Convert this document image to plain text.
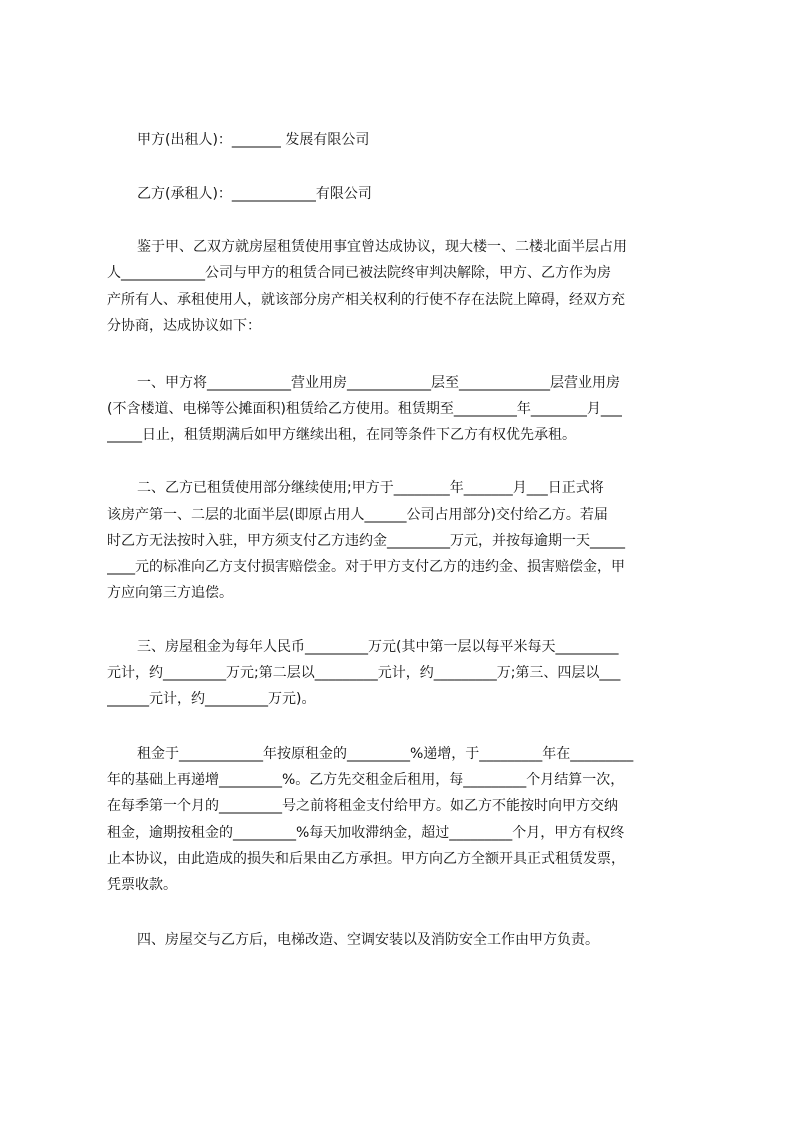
甲方(出租人)：_______ 发展有限公司
乙方(承租人)：____________有限公司
鉴于甲、乙双方就房屋租赁使用事宜曾达成协议，现大楼一、二楼北面半层占用
人____________公司与甲方的租赁合同已被法院终审判决解除，甲方、乙方作为房
产所有人、承租使用人，就该部分房产相关权利的行使不存在法院上障碍，经双方充
分协商，达成协议如下：
一、甲方将____________营业用房____________层至_____________层营业用房
(不含楼道、电梯等公摊面积)租赁给乙方使用。租赁期至_________年________月___
_____日止，租赁期满后如甲方继续出租，在同等条件下乙方有权优先承租。
二、乙方已租赁使用部分继续使用;甲方于________年_______月___日正式将
该房产第一、二层的北面半层(即原占用人______公司占用部分)交付给乙方。若届
时乙方无法按时入驻，甲方须支付乙方违约金_________万元，并按每逾期一天_____
____元的标准向乙方支付损害赔偿金。对于甲方支付乙方的违约金、损害赔偿金，甲
方应向第三方追偿。
三、房屋租金为每年人民币_________万元(其中第一层以每平米每天_________
元计，约_________万元;第二层以_________元计，约_________万;第三、四层以___
______元计，约_________万元)。
租金于____________年按原租金的_________%递增，于_________年在_________
年的基础上再递增_________%。乙方先交租金后租用，每_________个月结算一次，
在每季第一个月的_________号之前将租金支付给甲方。如乙方不能按时向甲方交纳
租金，逾期按租金的_________%每天加收滞纳金，超过_________个月，甲方有权终
止本协议，由此造成的损失和后果由乙方承担。甲方向乙方全额开具正式租赁发票，
凭票收款。
四、房屋交与乙方后，电梯改造、空调安装以及消防安全工作由甲方负责。
